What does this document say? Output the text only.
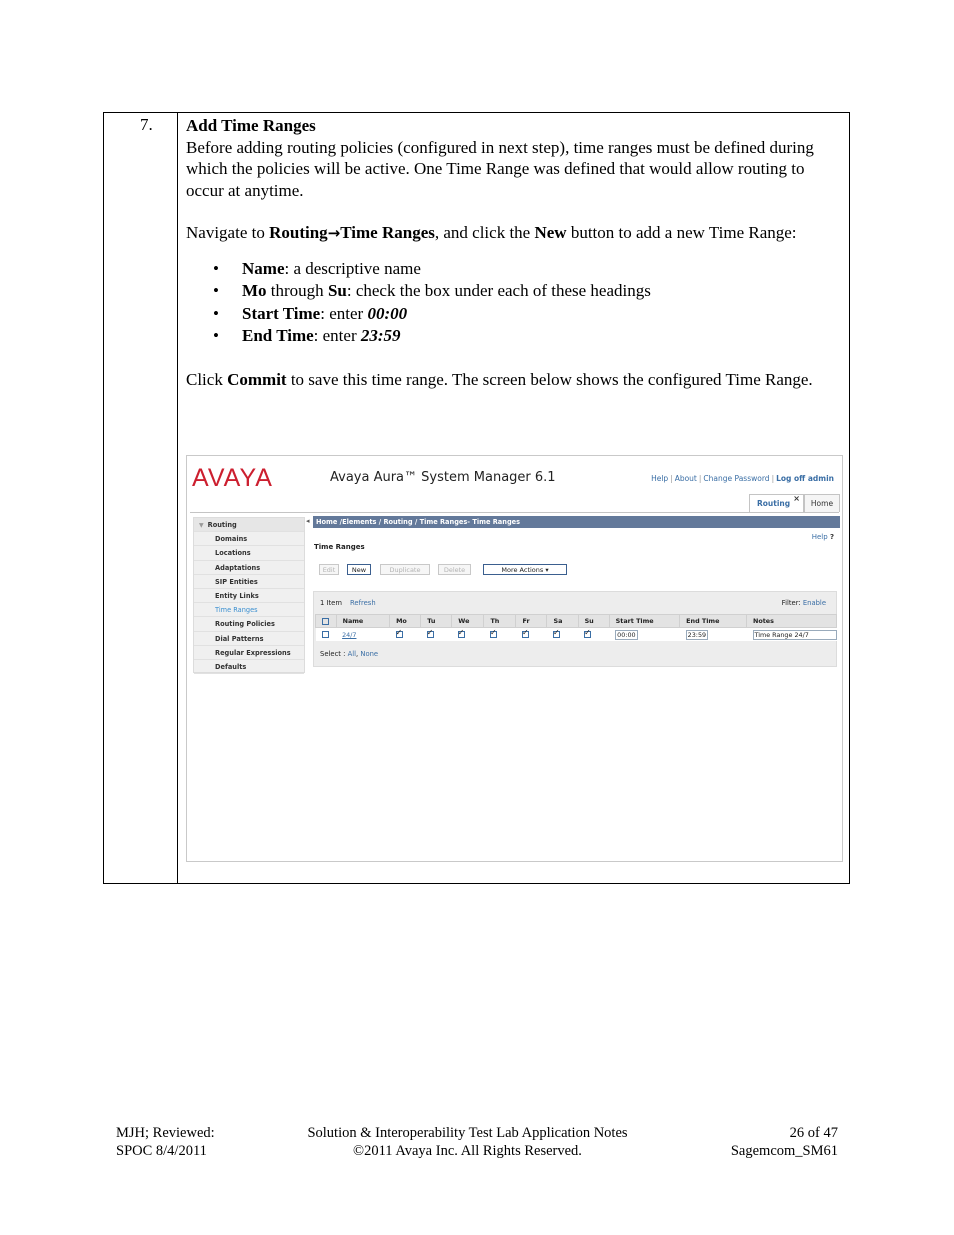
7. Add Time Ranges

Before adding routing policies (configured in next step), time ranges must be defined during which the policies will be active. One Time Range was defined that would allow routing to occur at anytime.

Navigate to Routing→Time Ranges, and click the New button to add a new Time Range:

• Name: a descriptive name
• Mo through Su: check the box under each of these headings
• Start Time: enter 00:00
• End Time: enter 23:59

Click Commit to save this time range. The screen below shows the configured Time Range.

AVAYA	Avaya Aura™ System Manager 6.1	Help | About | Change Password | Log off admin
Routing
×
Home
▼ Routing
Domains
Locations
Adaptations
SIP Entities
Entity Links
Time Ranges
Routing Policies
Dial Patterns
Regular Expressions
Defaults
◂ Home /Elements / Routing / Time Ranges- Time Ranges
Help ?
Time Ranges
Edit	New	Duplicate	Delete	More Actions ▾
1 Item Refresh	Filter: Enable
	Name	Mo	Tu	We	Th	Fr	Sa	Su	Start Time	End Time	Notes
	24/7	✓	✓	✓	✓	✓	✓	✓	00:00	23:59	Time Range 24/7
Select : All, None
MJH; Reviewed:
SPOC 8/4/2011
Solution & Interoperability Test Lab Application Notes
©2011 Avaya Inc. All Rights Reserved.
26 of 47
Sagemcom_SM61
